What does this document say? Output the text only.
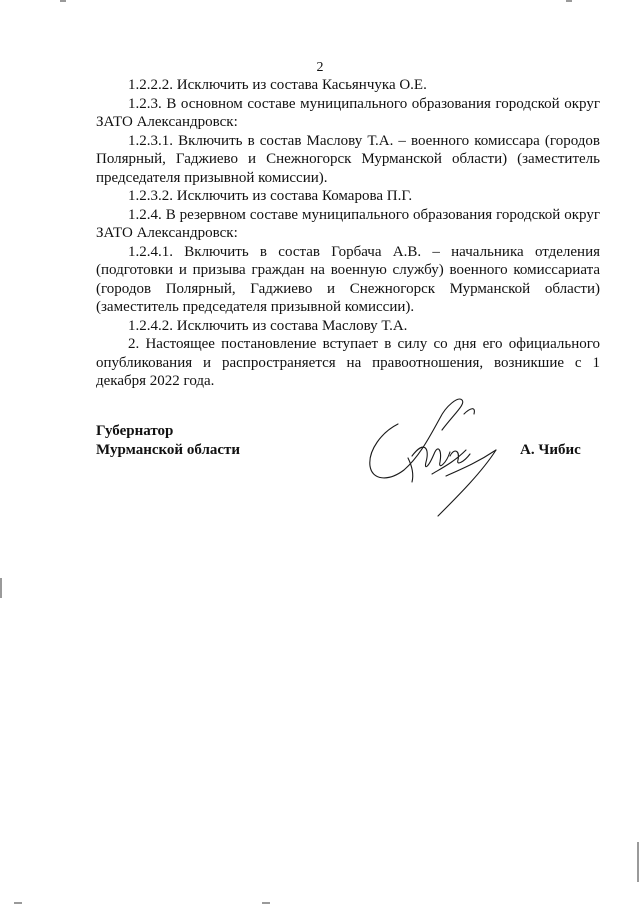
2

1.2.2.2. Исключить из состава Касьянчука О.Е.

1.2.3. В основном составе муниципального образования городской округ ЗАТО Александровск:

1.2.3.1. Включить в состав Маслову Т.А. – военного комиссара (городов Полярный, Гаджиево и Снежногорск Мурманской области) (заместитель председателя призывной комиссии).

1.2.3.2. Исключить из состава Комарова П.Г.

1.2.4. В резервном составе муниципального образования городской округ ЗАТО Александровск:

1.2.4.1. Включить в состав Горбача А.В. – начальника отделения (подготовки и призыва граждан на военную службу) военного комиссариата (городов Полярный, Гаджиево и Снежногорск Мурманской области) (заместитель председателя призывной комиссии).

1.2.4.2. Исключить из состава Маслову Т.А.

2. Настоящее постановление вступает в силу со дня его официального опубликования и распространяется на правоотношения, возникшие с 1 декабря 2022 года.

Губернатор
Мурманской области	А. Чибис
